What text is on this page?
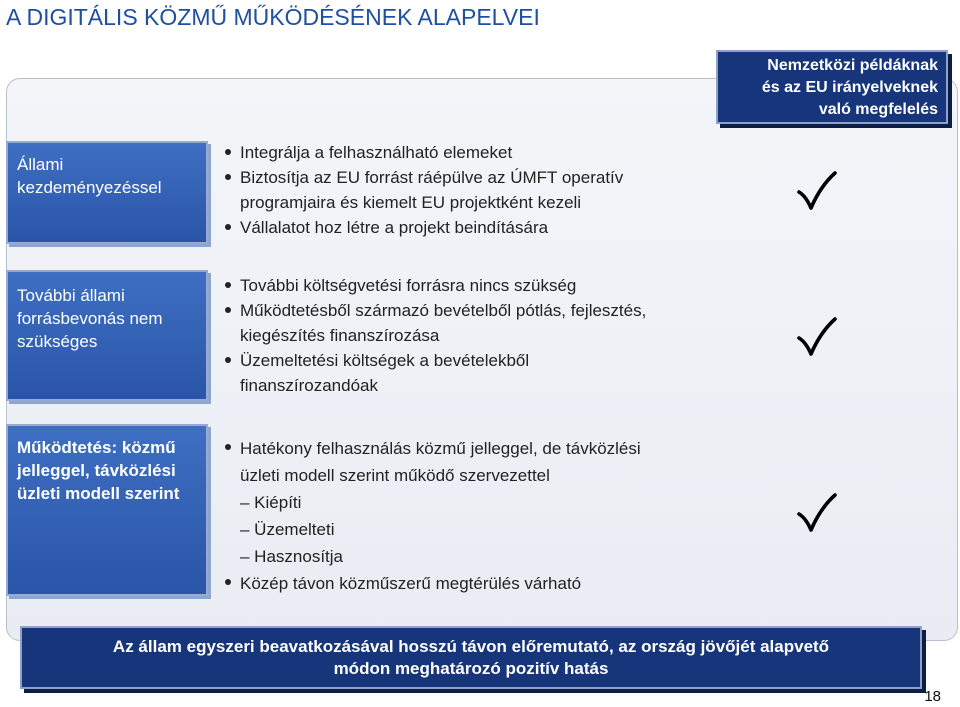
A DIGITÁLIS KÖZMŰ MŰKÖDÉSÉNEK ALAPELVEI
Nemzetközi példáknak
és az EU irányelveknek
való megfelelés
Állami
kezdeményezéssel
Integrálja a felhasználható elemeket
Biztosítja az EU forrást ráépülve az ÚMFT operatív
programjaira és kiemelt EU projektként kezeli
Vállalatot hoz létre a projekt beindítására
További állami
forrásbevonás nem
szükséges
További költségvetési forrásra nincs szükség
Működtetésből származó bevételből pótlás, fejlesztés,
kiegészítés finanszírozása
Üzemeltetési költségek a bevételekből
finanszírozandóak
Működtetés: közmű
jelleggel, távközlési
üzleti modell szerint
Hatékony felhasználás közmű jelleggel, de távközlési
üzleti modell szerint működő szervezettel
– Kiépíti
– Üzemelteti
– Hasznosítja
Közép távon közműszerű megtérülés várható
Az állam egyszeri beavatkozásával hosszú távon előremutató, az ország jövőjét alapvető
módon meghatározó pozitív hatás
18
